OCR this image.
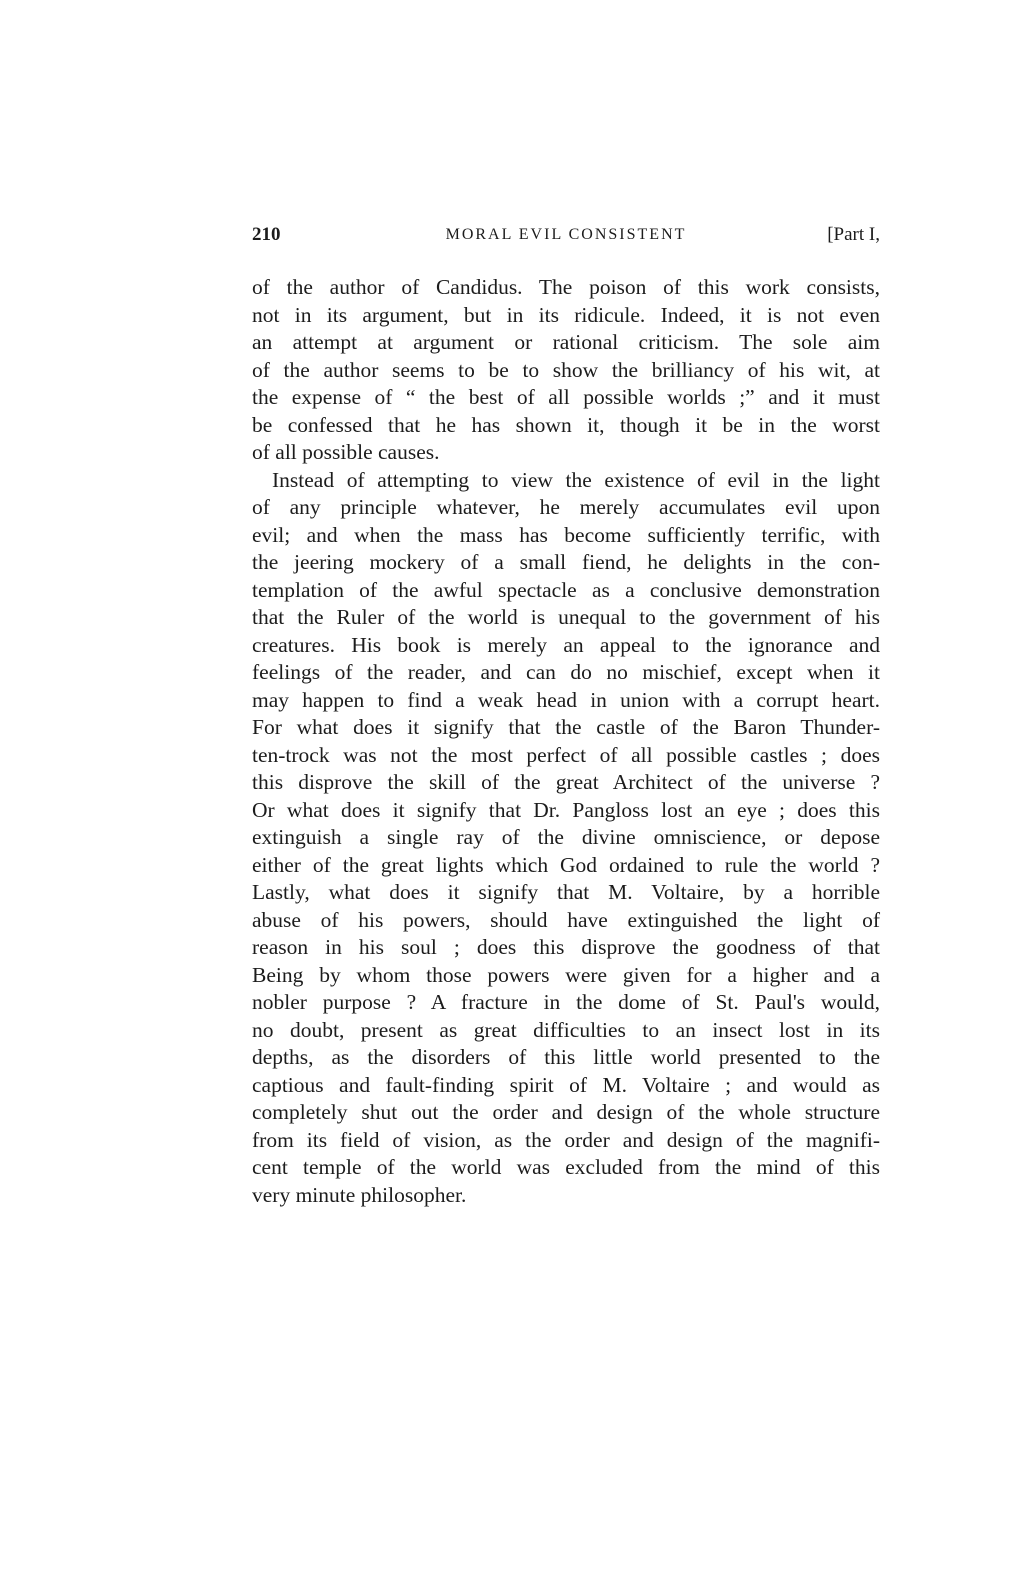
MORAL EVIL CONSISTENT
210	[Part I,
of the author of Candidus. The poison of this work consists,
not in its argument, but in its ridicule. Indeed, it is not even
an attempt at argument or rational criticism. The sole aim
of the author seems to be to show the brilliancy of his wit, at
the expense of “ the best of all possible worlds ;” and it must
be confessed that he has shown it, though it be in the worst
of all possible causes.
Instead of attempting to view the existence of evil in the light
of any principle whatever, he merely accumulates evil upon
evil; and when the mass has become sufficiently terrific, with
the jeering mockery of a small fiend, he delights in the con-
templation of the awful spectacle as a conclusive demonstration
that the Ruler of the world is unequal to the government of his
creatures. His book is merely an appeal to the ignorance and
feelings of the reader, and can do no mischief, except when it
may happen to find a weak head in union with a corrupt heart.
For what does it signify that the castle of the Baron Thunder-
ten-trock was not the most perfect of all possible castles ; does
this disprove the skill of the great Architect of the universe ?
Or what does it signify that Dr. Pangloss lost an eye ; does this
extinguish a single ray of the divine omniscience, or depose
either of the great lights which God ordained to rule the world ?
Lastly, what does it signify that M. Voltaire, by a horrible
abuse of his powers, should have extinguished the light of
reason in his soul ; does this disprove the goodness of that
Being by whom those powers were given for a higher and a
nobler purpose ? A fracture in the dome of St. Paul's would,
no doubt, present as great difficulties to an insect lost in its
depths, as the disorders of this little world presented to the
captious and fault-finding spirit of M. Voltaire ; and would as
completely shut out the order and design of the whole structure
from its field of vision, as the order and design of the magnifi-
cent temple of the world was excluded from the mind of this
very minute philosopher.
